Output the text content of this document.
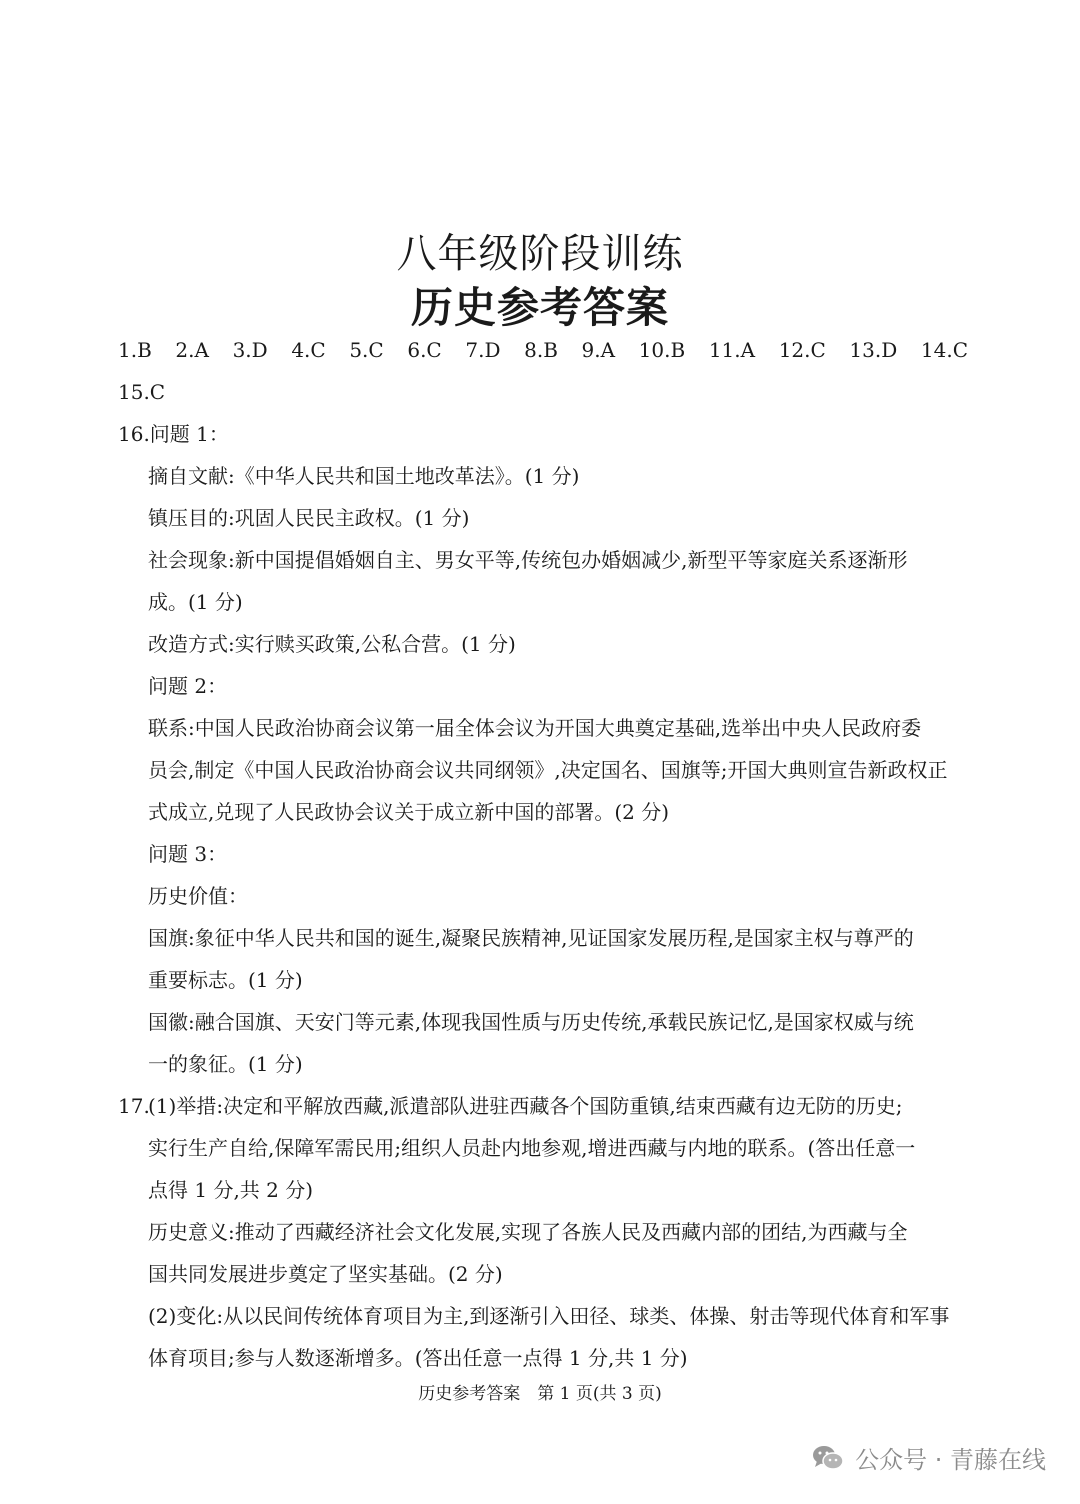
八年级阶段训练
历史参考答案
1.B 2.A 3.D 4.C 5.C 6.C 7.D 8.B 9.A 10.B 11.A 12.C 13.D 14.C
15.C
16.问题 1：
摘自文献:《中华人民共和国土地改革法》。(1 分)
镇压目的:巩固人民民主政权。(1 分)
社会现象:新中国提倡婚姻自主、男女平等,传统包办婚姻减少,新型平等家庭关系逐渐形
成。(1 分)
改造方式:实行赎买政策,公私合营。(1 分)
问题 2：
联系:中国人民政治协商会议第一届全体会议为开国大典奠定基础,选举出中央人民政府委
员会,制定《中国人民政治协商会议共同纲领》,决定国名、国旗等;开国大典则宣告新政权正
式成立,兑现了人民政协会议关于成立新中国的部署。(2 分)
问题 3：
历史价值：
国旗:象征中华人民共和国的诞生,凝聚民族精神,见证国家发展历程,是国家主权与尊严的
重要标志。(1 分)
国徽:融合国旗、天安门等元素,体现我国性质与历史传统,承载民族记忆,是国家权威与统
一的象征。(1 分)
17.
(1)举措:决定和平解放西藏,派遣部队进驻西藏各个国防重镇,结束西藏有边无防的历史;
实行生产自给,保障军需民用;组织人员赴内地参观,增进西藏与内地的联系。(答出任意一
点得 1 分,共 2 分)
历史意义:推动了西藏经济社会文化发展,实现了各族人民及西藏内部的团结,为西藏与全
国共同发展进步奠定了坚实基础。(2 分)
(2)变化:从以民间传统体育项目为主,到逐渐引入田径、球类、体操、射击等现代体育和军事
体育项目;参与人数逐渐增多。(答出任意一点得 1 分,共 1 分)
历史参考答案　第 1 页(共 3 页)
公众号 · 青藤在线
